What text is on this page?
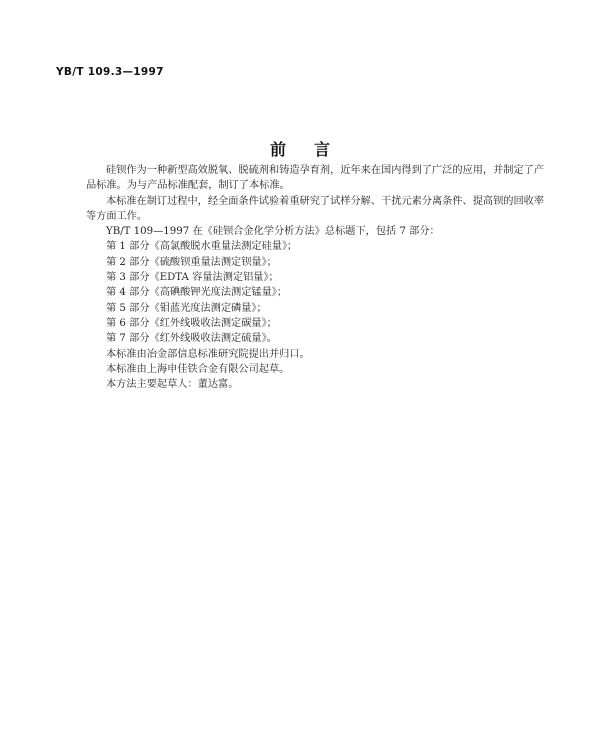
YB/T 109.3—1997
前言

硅钡作为一种新型高效脱氧、脱硫剂和铸造孕育剂，近年来在国内得到了广泛的应用，并制定了产

品标准。为与产品标准配套，制订了本标准。

本标准在制订过程中，经全面条件试验着重研究了试样分解、干扰元素分离条件、提高钡的回收率

等方面工作。

YB/T 109—1997 在《硅钡合金化学分析方法》总标题下，包括 7 部分：

第 1 部分《高氯酸脱水重量法测定硅量》；

第 2 部分《硫酸钡重量法测定钡量》；

第 3 部分《EDTA 容量法测定铝量》；

第 4 部分《高碘酸钾光度法测定锰量》；

第 5 部分《钼蓝光度法测定磷量》；

第 6 部分《红外线吸收法测定碳量》；

第 7 部分《红外线吸收法测定硫量》。

本标准由冶金部信息标准研究院提出并归口。

本标准由上海申佳铁合金有限公司起草。

本方法主要起草人：董达富。
